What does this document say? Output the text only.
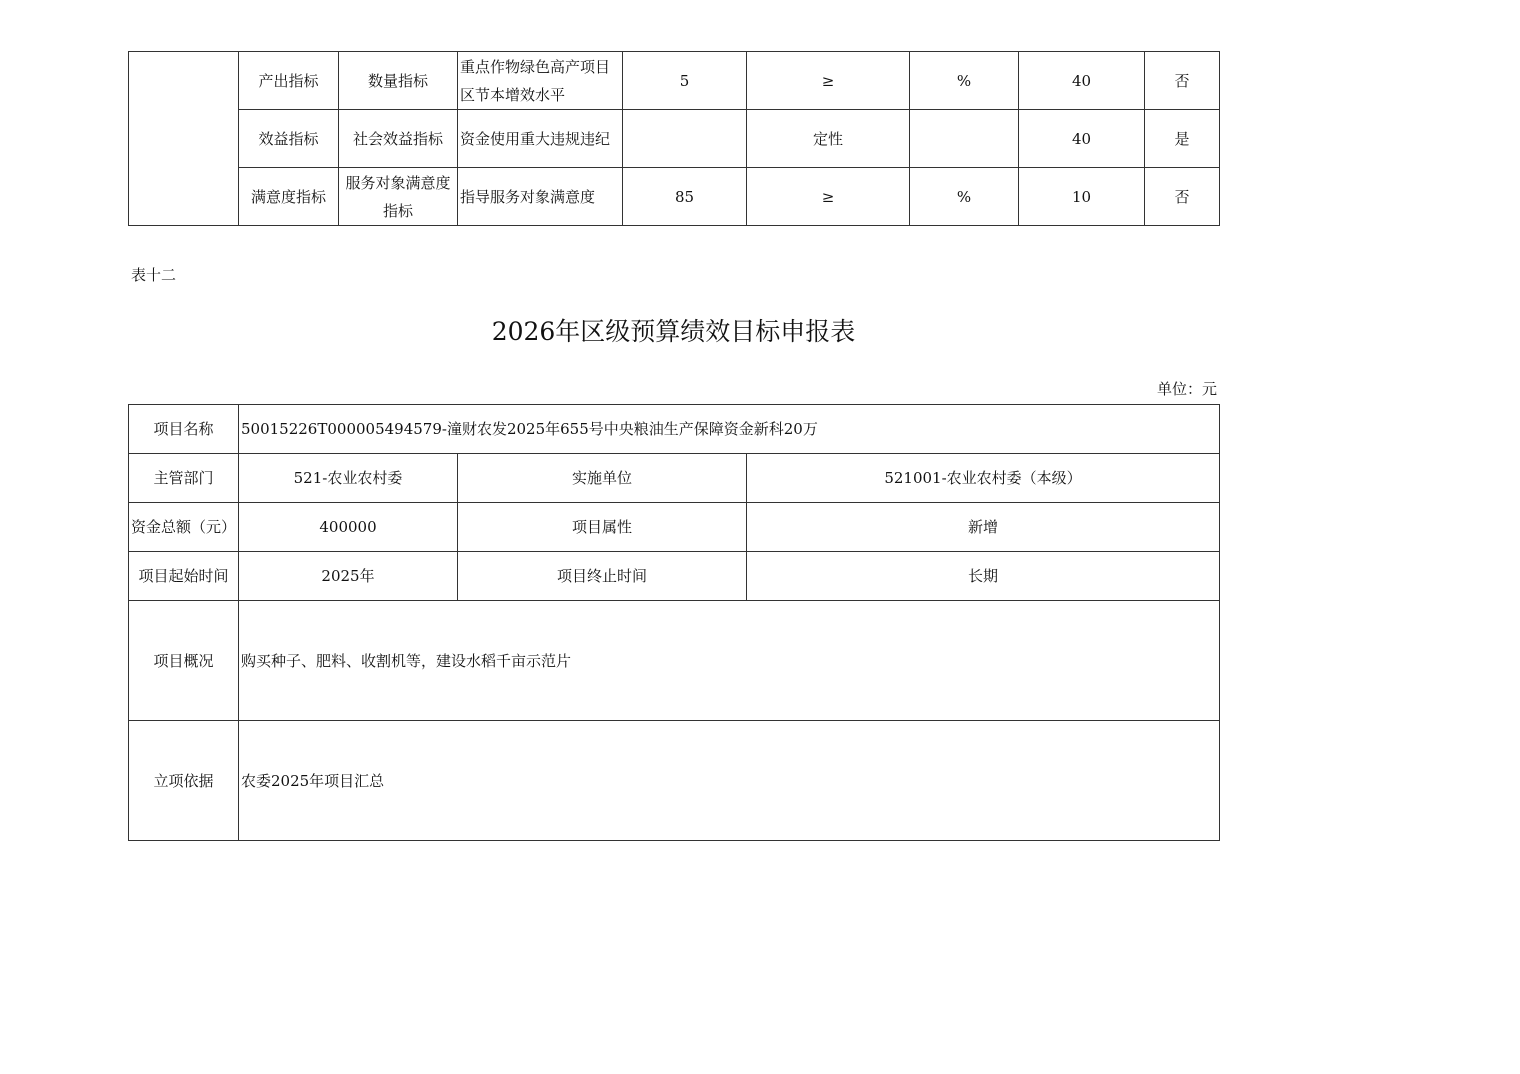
	产出指标	数量指标	重点作物绿色高产项目区节本增效水平	5	≥	%	40	否
	效益指标	社会效益指标	资金使用重大违规违纪		定性		40	是
	满意度指标	服务对象满意度指标	指导服务对象满意度	85	≥	%	10	否
表十二
2026年区级预算绩效目标申报表
单位：元
项目名称	50015226T000005494579-潼财农发2025年655号中央粮油生产保障资金新科20万		
主管部门	521-农业农村委	实施单位	521001-农业农村委（本级）
资金总额（元）	400000	项目属性	新增
项目起始时间	2025年	项目终止时间	长期
项目概况	购买种子、肥料、收割机等，建设水稻千亩示范片		
立项依据	农委2025年项目汇总		
